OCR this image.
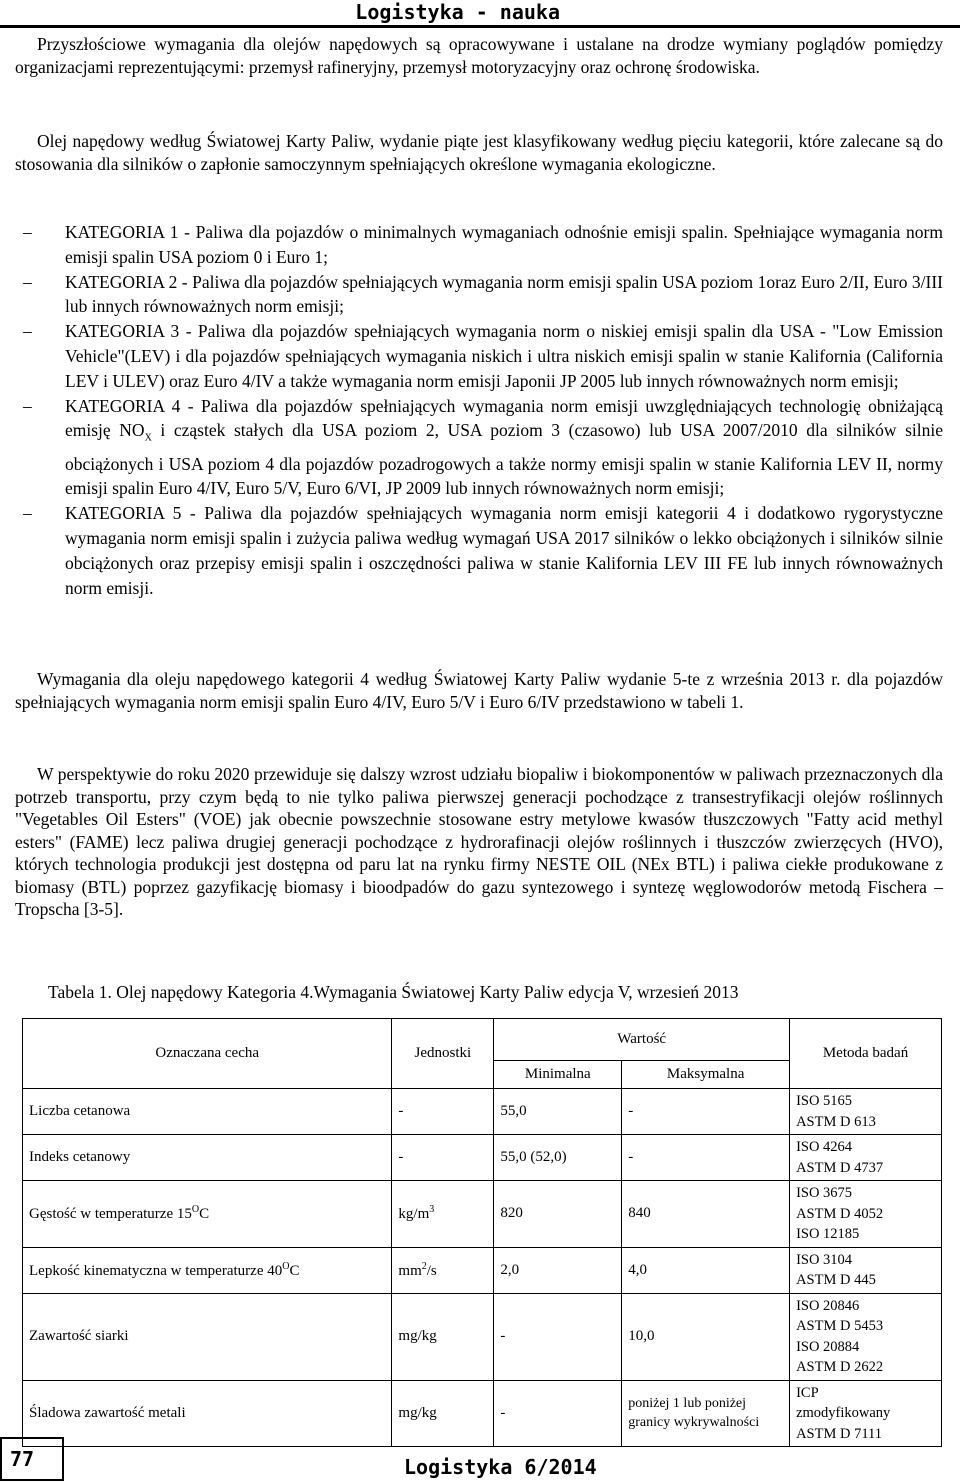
Logistyka - nauka

Przyszłościowe wymagania dla olejów napędowych są opracowywane i ustalane na drodze wymiany poglądów pomiędzy organizacjami reprezentującymi: przemysł rafineryjny, przemysł motoryzacyjny oraz ochronę środowiska.

Olej napędowy według Światowej Karty Paliw, wydanie piąte jest klasyfikowany według pięciu kategorii, które zalecane są do stosowania dla silników o zapłonie samoczynnym spełniających określone wymagania ekologiczne.

–	KATEGORIA 1 - Paliwa dla pojazdów o minimalnych wymaganiach odnośnie emisji spalin. Spełniające wymagania norm emisji spalin USA poziom 0 i Euro 1;
–	KATEGORIA 2 - Paliwa dla pojazdów spełniających wymagania norm emisji spalin USA poziom 1oraz Euro 2/II, Euro 3/III lub innych równoważnych norm emisji;
–	KATEGORIA 3 - Paliwa dla pojazdów spełniających wymagania norm o niskiej emisji spalin dla USA - "Low Emission Vehicle"(LEV) i dla pojazdów spełniających wymagania niskich i ultra niskich emisji spalin w stanie Kalifornia (California LEV i ULEV) oraz Euro 4/IV a także wymagania norm emisji Japonii JP 2005 lub innych równoważnych norm emisji;
–	KATEGORIA 4 - Paliwa dla pojazdów spełniających wymagania norm emisji uwzględniających technologię obniżającą emisję $NO_X$ i cząstek stałych dla USA poziom 2, USA poziom 3 (czasowo) lub USA 2007/2010 dla silników silnie obciążonych i USA poziom 4 dla pojazdów pozadrogowych a także normy emisji spalin w stanie Kalifornia LEV II, normy emisji spalin Euro 4/IV, Euro 5/V, Euro 6/VI, JP 2009 lub innych równoważnych norm emisji;
–	KATEGORIA 5 - Paliwa dla pojazdów spełniających wymagania norm emisji kategorii 4 i dodatkowo rygorystyczne wymagania norm emisji spalin i zużycia paliwa według wymagań USA 2017 silników o lekko obciążonych i silników silnie obciążonych oraz przepisy emisji spalin i oszczędności paliwa w stanie Kalifornia LEV III FE lub innych równoważnych norm emisji.

Wymagania dla oleju napędowego kategorii 4 według Światowej Karty Paliw wydanie 5-te z września 2013 r. dla pojazdów spełniających wymagania norm emisji spalin Euro 4/IV, Euro 5/V i Euro 6/IV przedstawiono w tabeli 1.

W perspektywie do roku 2020 przewiduje się dalszy wzrost udziału biopaliw i biokomponentów w paliwach przeznaczonych dla potrzeb transportu, przy czym będą to nie tylko paliwa pierwszej generacji pochodzące z transestryfikacji olejów roślinnych "Vegetables Oil Esters" (VOE) jak obecnie powszechnie stosowane estry metylowe kwasów tłuszczowych "Fatty acid methyl esters" (FAME) lecz paliwa drugiej generacji pochodzące z hydrorafinacji olejów roślinnych i tłuszczów zwierzęcych (HVO), których technologia produkcji jest dostępna od paru lat na rynku firmy NESTE OIL (NEx BTL) i paliwa ciekłe produkowane z biomasy (BTL) poprzez gazyfikację biomasy i bioodpadów do gazu syntezowego i syntezę węglowodorów metodą Fischera – Tropscha [3-5].

Tabela 1. Olej napędowy Kategoria 4.Wymagania Światowej Karty Paliw edycja V, wrzesień 2013
Oznaczana cecha	Jednostki	Wartość		Metoda badań
		Minimalna	Maksymalna	
Liczba cetanowa	-	55,0	-	ISO 5165
ASTM D 613

Indeks cetanowy	-	55,0 (52,0)	-	ISO 4264
ASTM D 4737

Gęstość w temperaturze $15^OC$	$kg/m^3$	820	840	ISO 3675
ASTM D 4052
ISO 12185

Lepkość kinematyczna w temperaturze $40^OC$	$mm^2/s$	2,0	4,0	ISO 3104
ASTM D 445

Zawartość siarki	mg/kg	-	10,0	ISO 20846
ASTM D 5453
ISO 20884
ASTM D 2622

Śladowa zawartość metali	mg/kg	-	poniżej 1 lub poniżej granicy wykrywalności	ICP
zmodyfikowany
ASTM D 7111
77	Logistyka 6/2014
